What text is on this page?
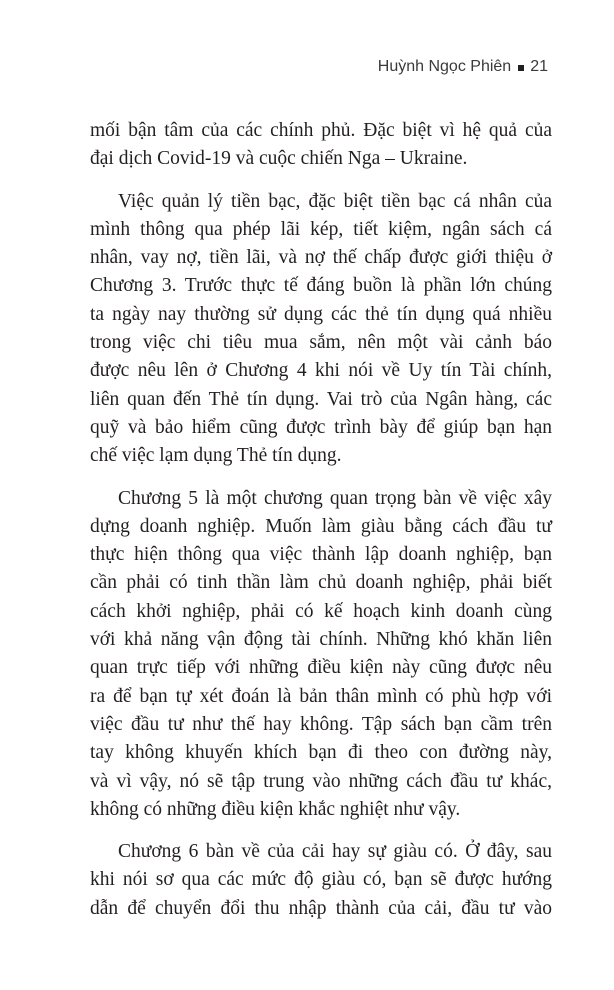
Huỳnh Ngọc Phiên 21
mối bận tâm của các chính phủ. Đặc biệt vì hệ quả của
đại dịch Covid-19 và cuộc chiến Nga – Ukraine.
Việc quản lý tiền bạc, đặc biệt tiền bạc cá nhân của
mình thông qua phép lãi kép, tiết kiệm, ngân sách cá
nhân, vay nợ, tiền lãi, và nợ thế chấp được giới thiệu ở
Chương 3. Trước thực tế đáng buồn là phần lớn chúng
ta ngày nay thường sử dụng các thẻ tín dụng quá nhiều
trong việc chi tiêu mua sắm, nên một vài cảnh báo
được nêu lên ở Chương 4 khi nói về Uy tín Tài chính,
liên quan đến Thẻ tín dụng. Vai trò của Ngân hàng, các
quỹ và bảo hiểm cũng được trình bày để giúp bạn hạn
chế việc lạm dụng Thẻ tín dụng.
Chương 5 là một chương quan trọng bàn về việc xây
dựng doanh nghiệp. Muốn làm giàu bằng cách đầu tư
thực hiện thông qua việc thành lập doanh nghiệp, bạn
cần phải có tinh thần làm chủ doanh nghiệp, phải biết
cách khởi nghiệp, phải có kế hoạch kinh doanh cùng
với khả năng vận động tài chính. Những khó khăn liên
quan trực tiếp với những điều kiện này cũng được nêu
ra để bạn tự xét đoán là bản thân mình có phù hợp với
việc đầu tư như thế hay không. Tập sách bạn cầm trên
tay không khuyến khích bạn đi theo con đường này,
và vì vậy, nó sẽ tập trung vào những cách đầu tư khác,
không có những điều kiện khắc nghiệt như vậy.
Chương 6 bàn về của cải hay sự giàu có. Ở đây, sau
khi nói sơ qua các mức độ giàu có, bạn sẽ được hướng
dẫn để chuyển đổi thu nhập thành của cải, đầu tư vào
